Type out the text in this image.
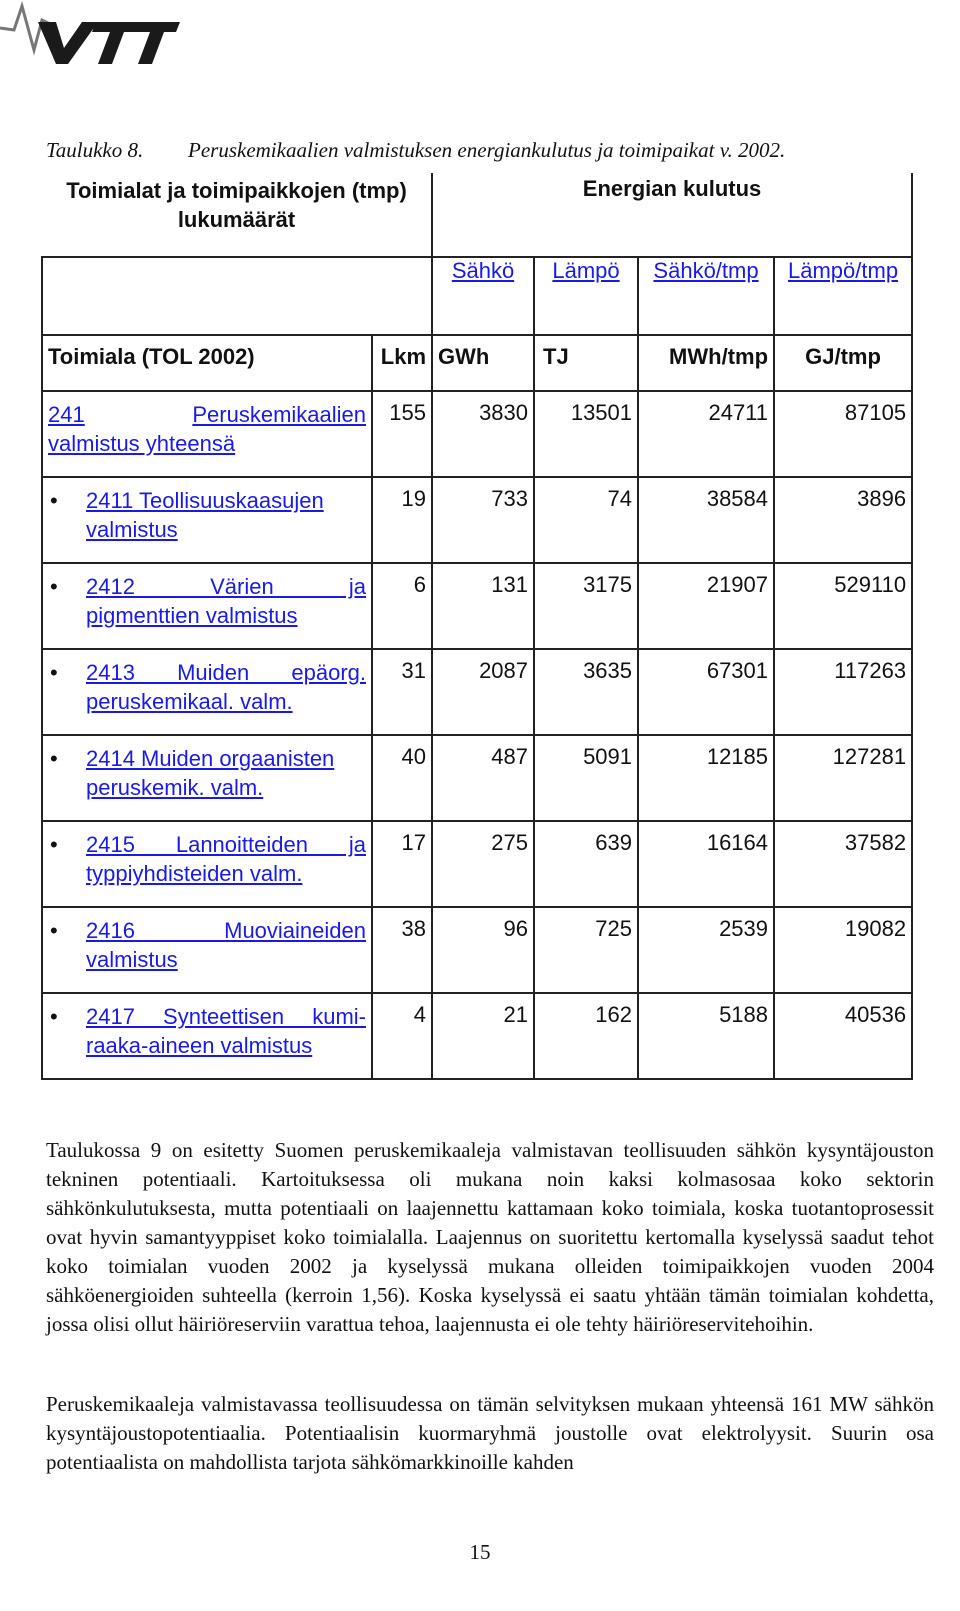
Taulukko 8. Peruskemikaalien valmistuksen energiankulutus ja toimipaikat v. 2002.
Toimialat ja toimipaikkojen (tmp) lukumäärät		Energian kulutus			
		Sähkö	Lämpö	Sähkö/tmp	Lämpö/tmp
Toimiala (TOL 2002)	Lkm	GWh	TJ	MWh/tmp	GJ/tmp

241 Peruskemikaalien
valmistus yhteensä	155	3830	13501	24711	87105

• 2411 Teollisuuskaasujen
valmistus	19	733	74	38584	3896

• 2412 Värien ja
pigmenttien valmistus	6	131	3175	21907	529110

• 2413 Muiden epäorg.
peruskemikaal. valm.	31	2087	3635	67301	117263

• 2414 Muiden orgaanisten
peruskemik. valm.	40	487	5091	12185	127281

• 2415 Lannoitteiden ja
typpiyhdisteiden valm.	17	275	639	16164	37582

• 2416 Muoviaineiden
valmistus	38	96	725	2539	19082

• 2417 Synteettisen kumi-
raaka-aineen valmistus	4	21	162	5188	40536
Taulukossa 9 on esitetty Suomen peruskemikaaleja valmistavan teollisuuden sähkön kysyntäjouston tekninen potentiaali. Kartoituksessa oli mukana noin kaksi kolmasosaa koko sektorin sähkönkulutuksesta, mutta potentiaali on laajennettu kattamaan koko toimiala, koska tuotantoprosessit ovat hyvin samantyyppiset koko toimialalla. Laajennus on suoritettu kertomalla kyselyssä saadut tehot koko toimialan vuoden 2002 ja kyselyssä mukana olleiden toimipaikkojen vuoden 2004 sähköenergioiden suhteella (kerroin 1,56). Koska kyselyssä ei saatu yhtään tämän toimialan kohdetta, jossa olisi ollut häiriöreserviin varattua tehoa, laajennusta ei ole tehty häiriöreservitehoihin.
Peruskemikaaleja valmistavassa teollisuudessa on tämän selvityksen mukaan yhteensä 161 MW sähkön kysyntäjoustopotentiaalia. Potentiaalisin kuormaryhmä joustolle ovat elektrolyysit. Suurin osa potentiaalista on mahdollista tarjota sähkömarkkinoille kahden
15
